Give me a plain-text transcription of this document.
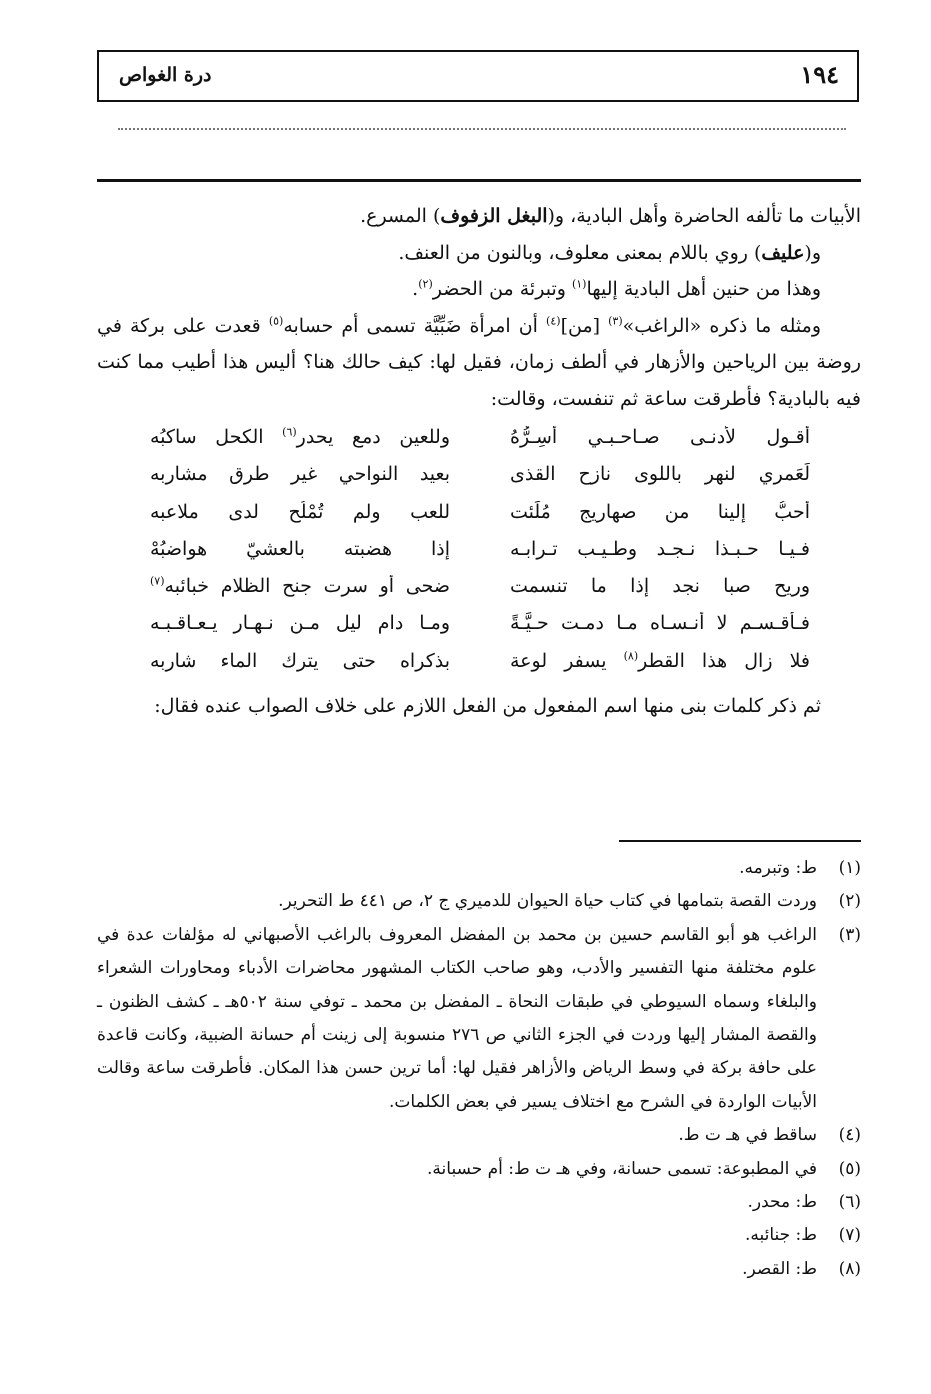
١٩٤
درة الغواص

الأبيات ما تألفه الحاضرة وأهل البادية، و(البغل الزفوف) المسرع.

و(عليف) روي باللام بمعنى معلوف، وبالنون من العنف.

وهذا من حنين أهل البادية إليها$^{(١)}$ وتبرئة من الحضر$^{(٢)}$.

ومثله ما ذكره «الراغب»$^{(٣)}$ [من]$^{(٤)}$ أن امرأة ضَبِّيَّة تسمى أم حسابه$^{(٥)}$ قعدت على بركة في روضة بين الرياحين والأزهار في ألطف زمان، فقيل لها: كيف حالك هنا؟ أليس هذا أطيب مما كنت فيه بالبادية؟ فأطرقت ساعة ثم تنفست، وقالت:

أقـول لأدنـى صـاحـبـي أُسِـرُّهُ
وللعين دمع يحدر$^{(٦)}$ الكحل ساكبُه
لَعَمري لنهر باللوى نازح القذى
بعيد النواحي غير طرق مشاربه
أحبُّ إلينا من صهاريج مُلِّئت
للعب ولم تُمْلُح لدى ملاعبه
فـيـا حـبـذا نـجـد وطـيـب تـرابـه
إذا هضبته بالعشيّ هواضبُهْ
وريح صبا نجد إذا ما تنسمت
ضحى أو سرت جنح الظلام خبائبه$^{(٧)}$
فـأقـسـم لا أنـسـاه مـا دمـت حـيَّـةً
ومـا دام ليل مـن نـهـار يـعـاقـبـه
فلا زال هذا القطر$^{(٨)}$ يسفر لوعة
بذكراه حتى يترك الماء شاربه

ثم ذكر كلمات بنى منها اسم المفعول من الفعل اللازم على خلاف الصواب عنده فقال:

(١)
ط: وتبرمه.
(٢)
وردت القصة بتمامها في كتاب حياة الحيوان للدميري ج ٢، ص ٤٤١ ط التحرير.
(٣)
الراغب هو أبو القاسم حسين بن محمد بن المفضل المعروف بالراغب الأصبهاني له مؤلفات عدة في علوم مختلفة منها التفسير والأدب، وهو صاحب الكتاب المشهور محاضرات الأدباء ومحاورات الشعراء والبلغاء وسماه السيوطي في طبقات النحاة ـ المفضل بن محمد ـ توفي سنة ٥٠٢هـ ـ كشف الظنون ـ والقصة المشار إليها وردت في الجزء الثاني ص ٢٧٦ منسوبة إلى زينت أم حسانة الضبية، وكانت قاعدة على حافة بركة في وسط الرياض والأزاهر فقيل لها: أما ترين حسن هذا المكان. فأطرقت ساعة وقالت الأبيات الواردة في الشرح مع اختلاف يسير في بعض الكلمات.
(٤)
ساقط في هـ ت ط.
(٥)
في المطبوعة: تسمى حسانة، وفي هـ ت ط: أم حسبانة.
(٦)
ط: محدر.
(٧)
ط: جنائبه.
(٨)
ط: القصر.
